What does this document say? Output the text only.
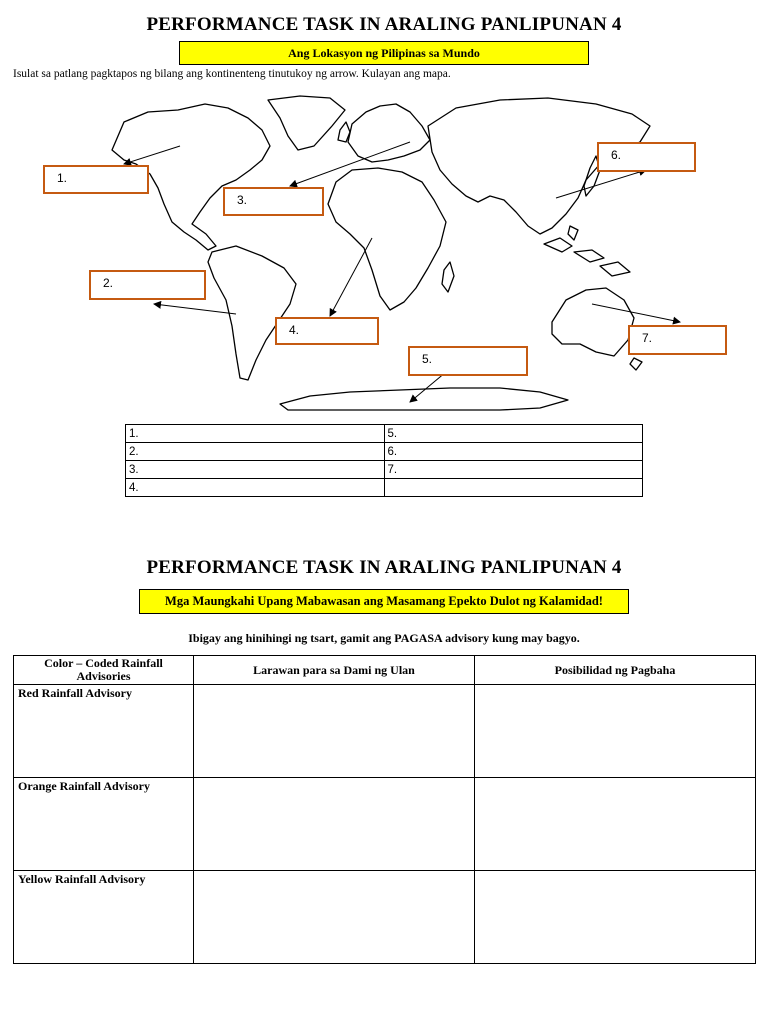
PERFORMANCE TASK IN ARALING PANLIPUNAN 4
Ang Lokasyon ng Pilipinas sa Mundo
Isulat sa patlang pagktapos ng bilang ang kontinenteng tinutukoy ng arrow. Kulayan ang mapa.
1.
2.
3.
4.
5.
6.
7.
1.	5.
2.	6.
3.	7.
4.	
PERFORMANCE TASK IN ARALING PANLIPUNAN 4
Mga Maungkahi Upang Mabawasan ang Masamang Epekto Dulot ng Kalamidad!
Ibigay ang hinihingi ng tsart, gamit ang PAGASA advisory kung may bagyo.
Color – Coded Rainfall Advisories	Larawan para sa Dami ng Ulan	Posibilidad ng Pagbaha
Red Rainfall Advisory		
Orange Rainfall Advisory		
Yellow Rainfall Advisory		
